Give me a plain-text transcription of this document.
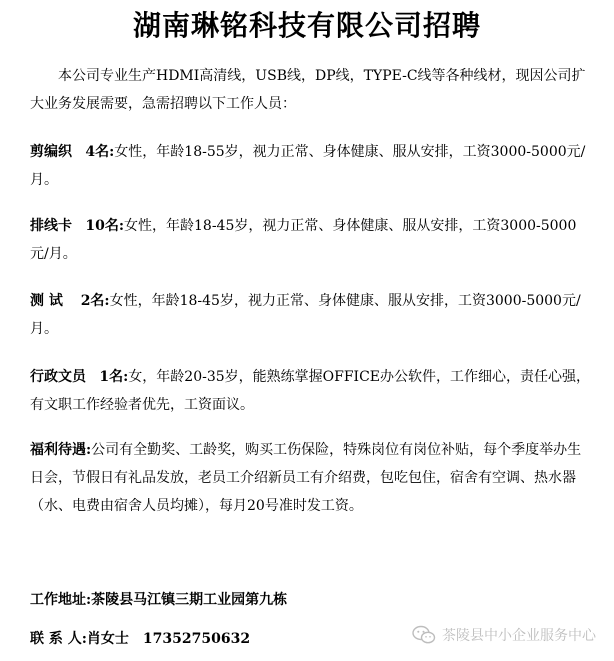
湖南琳铭科技有限公司招聘
本公司专业生产HDMI高清线，USB线，DP线，TYPE-C线等各种线材，现因公司扩大业务发展需要，急需招聘以下工作人员：
剪编织 4名:女性，年龄18-55岁，视力正常、身体健康、服从安排，工资3000-5000元/月。
排线卡 10名:女性，年龄18-45岁，视力正常、身体健康、服从安排，工资3000-5000元/月。
测 试 2名:女性，年龄18-45岁，视力正常、身体健康、服从安排，工资3000-5000元/月。
行政文员 1名:女，年龄20-35岁，能熟练掌握OFFICE办公软件，工作细心，责任心强，有文职工作经验者优先，工资面议。
福利待遇:公司有全勤奖、工龄奖，购买工伤保险，特殊岗位有岗位补贴，每个季度举办生日会，节假日有礼品发放，老员工介绍新员工有介绍费，包吃包住，宿舍有空调、热水器（水、电费由宿舍人员均摊），每月20号准时发工资。
工作地址:茶陵县马江镇三期工业园第九栋
联 系 人:肖女士 17352750632	茶陵县中小企业服务中心
